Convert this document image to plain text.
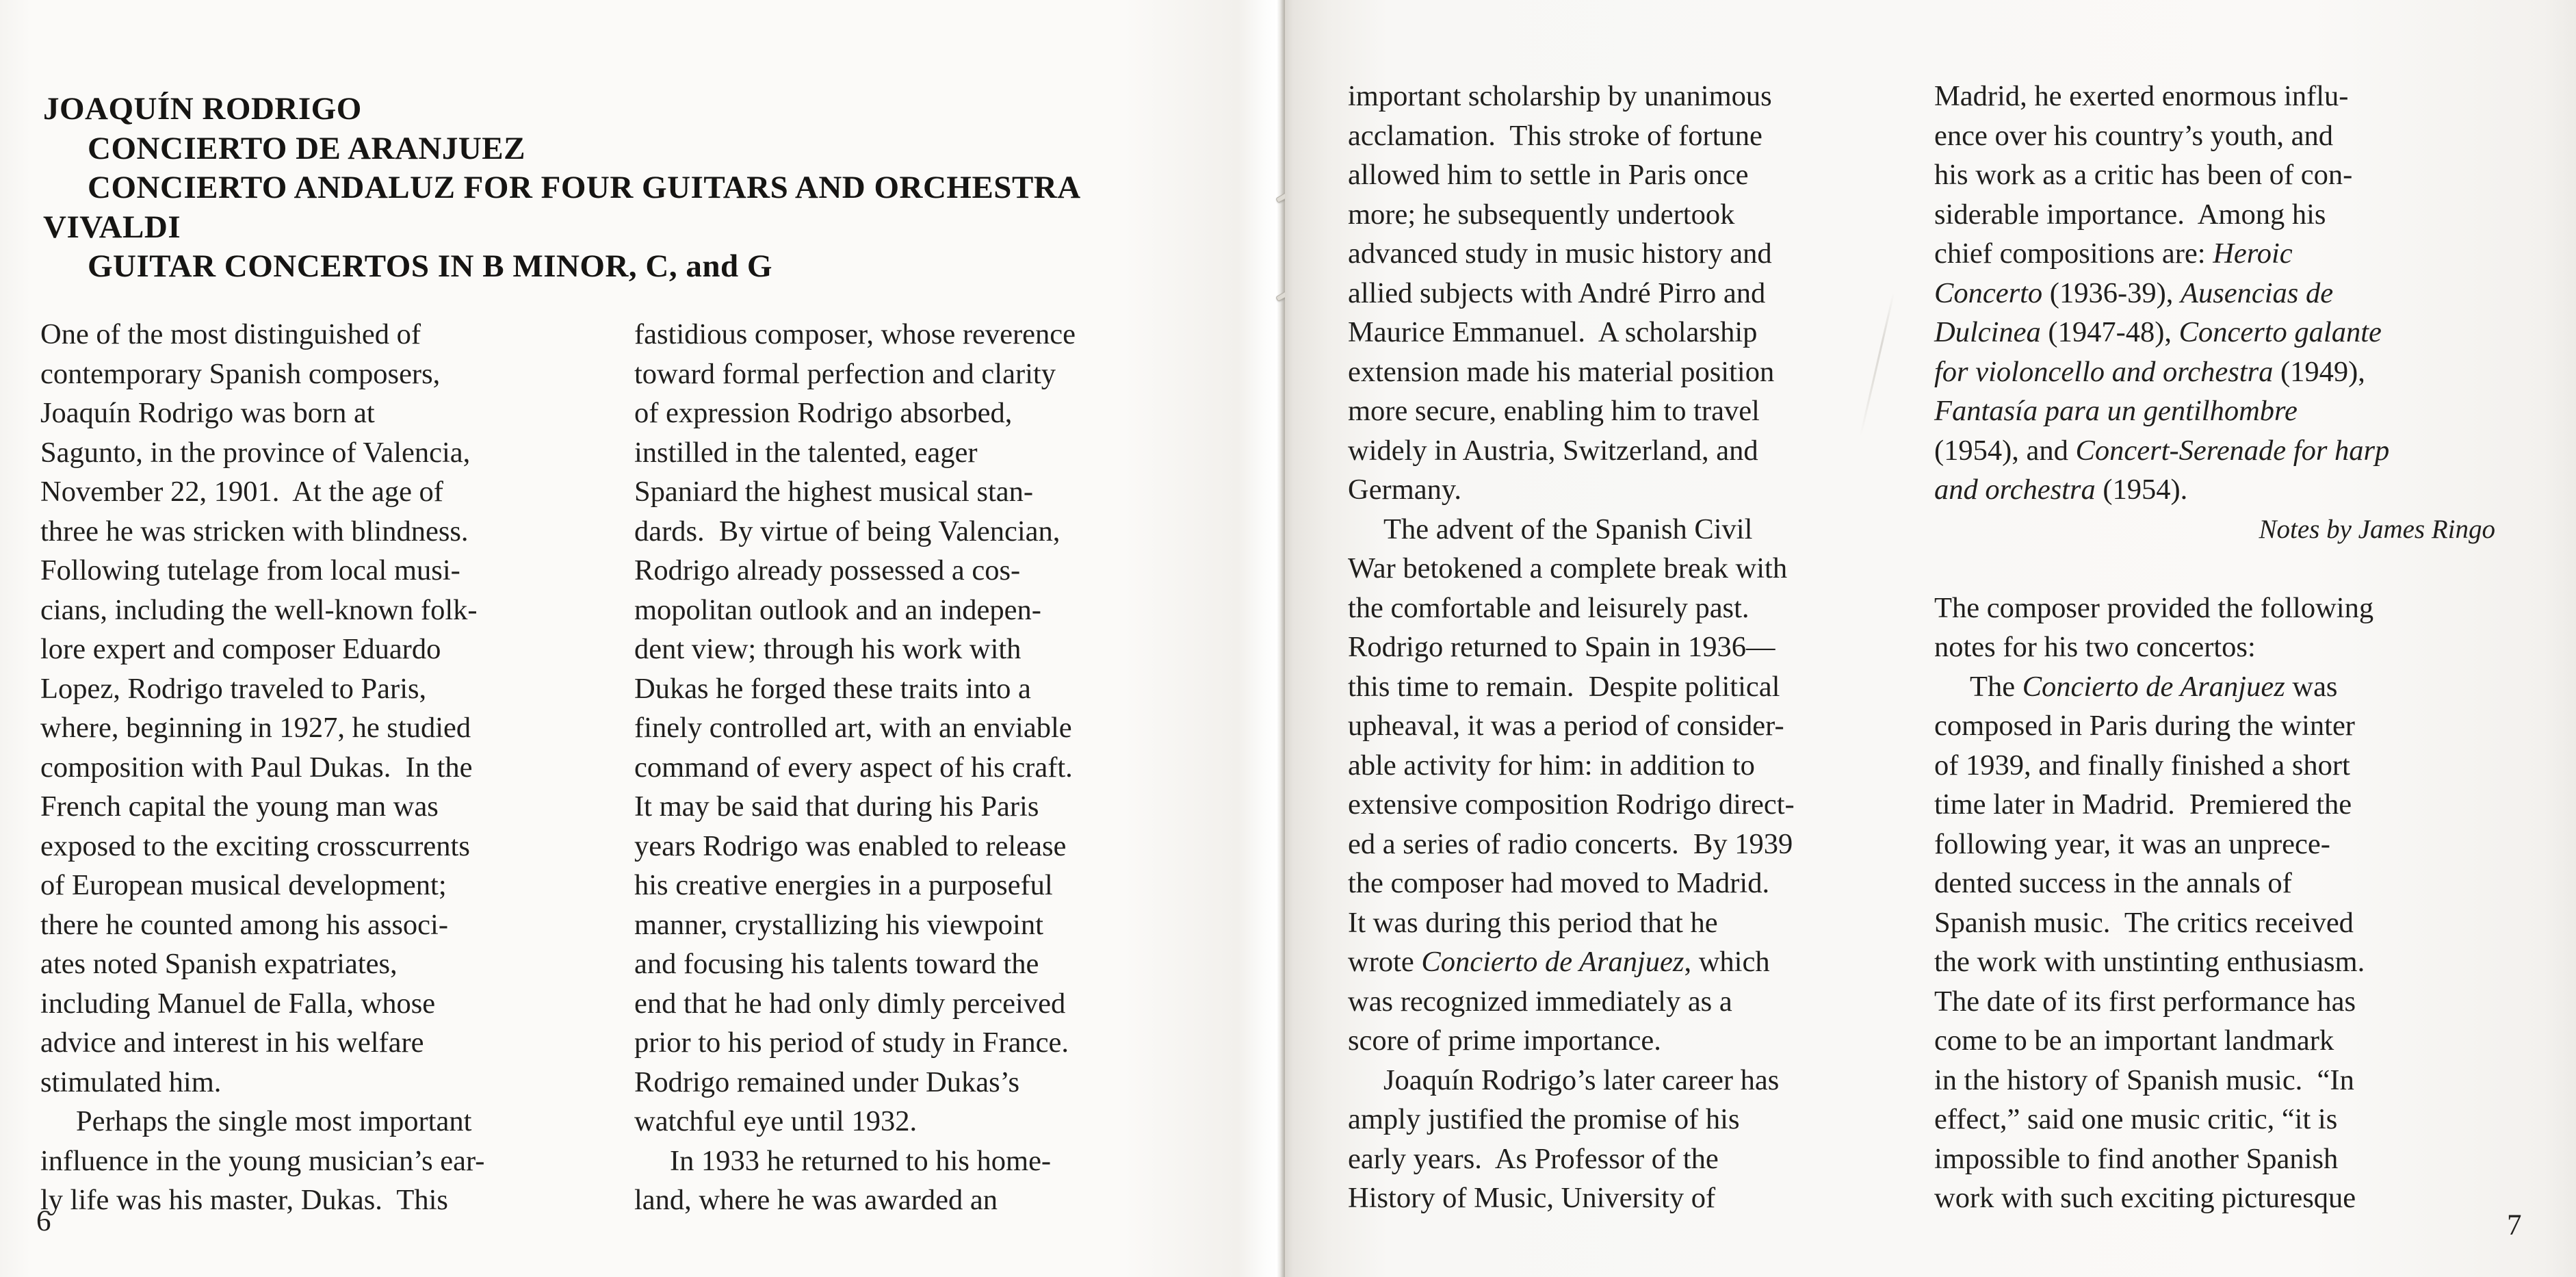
JOAQUÍN RODRIGO
CONCIERTO DE ARANJUEZ
CONCIERTO ANDALUZ FOR FOUR GUITARS AND ORCHESTRA
VIVALDI
GUITAR CONCERTOS IN B MINOR, C, and G
One of the most distinguished of
contemporary Spanish composers,
Joaquín Rodrigo was born at
Sagunto, in the province of Valencia,
November 22, 1901.  At the age of
three he was stricken with blindness.
Following tutelage from local musi-
cians, including the well-known folk-
lore expert and composer Eduardo
Lopez, Rodrigo traveled to Paris,
where, beginning in 1927, he studied
composition with Paul Dukas.  In the
French capital the young man was
exposed to the exciting crosscurrents
of European musical development;
there he counted among his associ-
ates noted Spanish expatriates,
including Manuel de Falla, whose
advice and interest in his welfare
stimulated him.
Perhaps the single most important
influence in the young musician’s ear-
ly life was his master, Dukas.  This
fastidious composer, whose reverence
toward formal perfection and clarity
of expression Rodrigo absorbed,
instilled in the talented, eager
Spaniard the highest musical stan-
dards.  By virtue of being Valencian,
Rodrigo already possessed a cos-
mopolitan outlook and an indepen-
dent view; through his work with
Dukas he forged these traits into a
finely controlled art, with an enviable
command of every aspect of his craft.
It may be said that during his Paris
years Rodrigo was enabled to release
his creative energies in a purposeful
manner, crystallizing his viewpoint
and focusing his talents toward the
end that he had only dimly perceived
prior to his period of study in France.
Rodrigo remained under Dukas’s
watchful eye until 1932.
In 1933 he returned to his home-
land, where he was awarded an
6
important scholarship by unanimous
acclamation.  This stroke of fortune
allowed him to settle in Paris once
more; he subsequently undertook
advanced study in music history and
allied subjects with André Pirro and
Maurice Emmanuel.  A scholarship
extension made his material position
more secure, enabling him to travel
widely in Austria, Switzerland, and
Germany.
The advent of the Spanish Civil
War betokened a complete break with
the comfortable and leisurely past.
Rodrigo returned to Spain in 1936—
this time to remain.  Despite political
upheaval, it was a period of consider-
able activity for him: in addition to
extensive composition Rodrigo direct-
ed a series of radio concerts.  By 1939
the composer had moved to Madrid.
It was during this period that he
wrote Concierto de Aranjuez, which
was recognized immediately as a
score of prime importance.
Joaquín Rodrigo’s later career has
amply justified the promise of his
early years.  As Professor of the
History of Music, University of
Madrid, he exerted enormous influ-
ence over his country’s youth, and
his work as a critic has been of con-
siderable importance.  Among his
chief compositions are: Heroic
Concerto (1936-39), Ausencias de
Dulcinea (1947-48), Concerto galante
for violoncello and orchestra (1949),
Fantasía para un gentilhombre
(1954), and Concert-Serenade for harp
and orchestra (1954).
Notes by James Ringo

The composer provided the following
notes for his two concertos:
The Concierto de Aranjuez was
composed in Paris during the winter
of 1939, and finally finished a short
time later in Madrid.  Premiered the
following year, it was an unprece-
dented success in the annals of
Spanish music.  The critics received
the work with unstinting enthusiasm.
The date of its first performance has
come to be an important landmark
in the history of Spanish music.  “In
effect,” said one music critic, “it is
impossible to find another Spanish
work with such exciting picturesque
7
